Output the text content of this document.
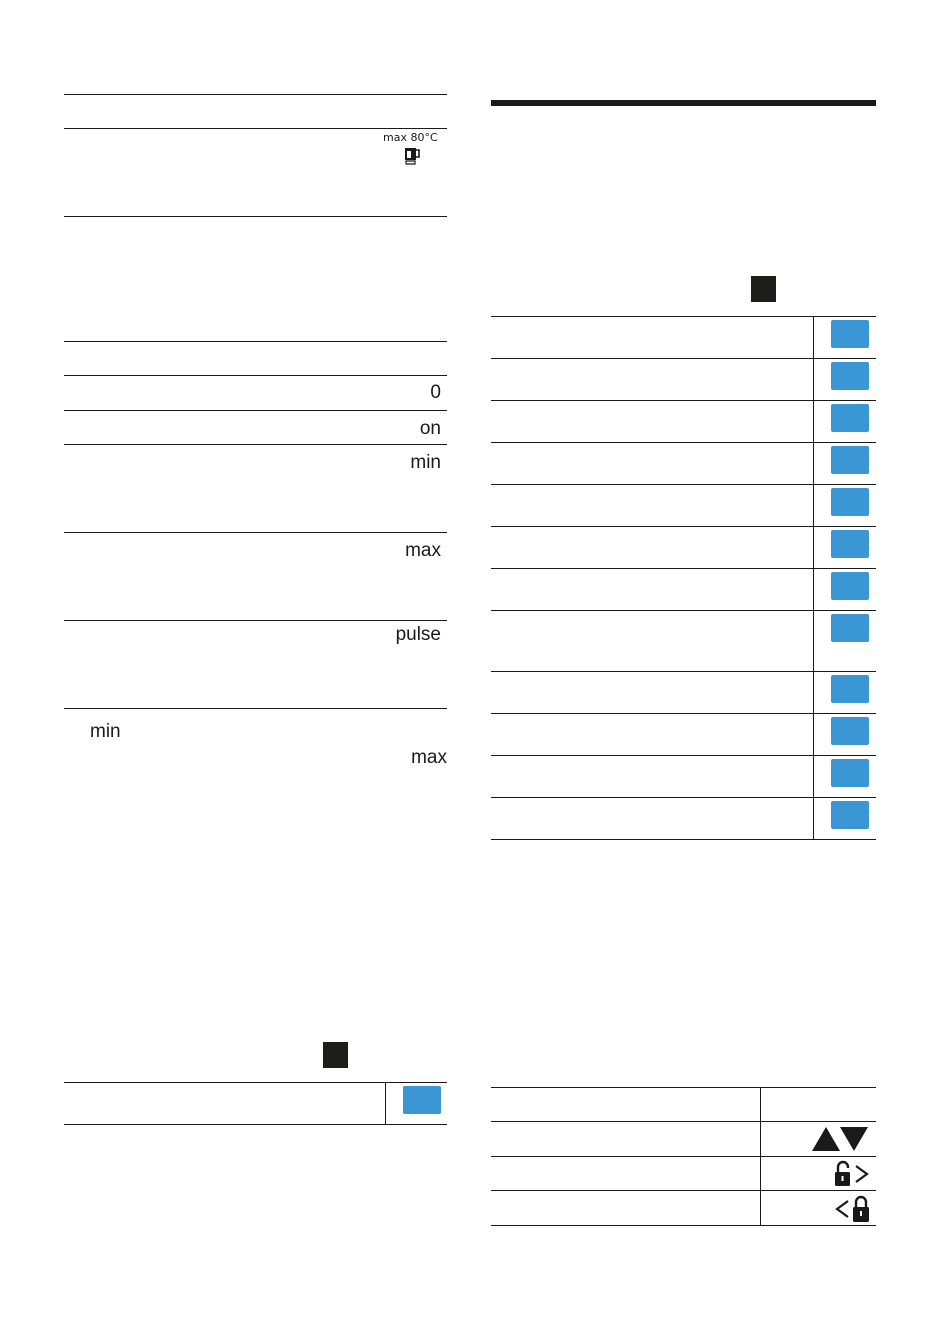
max 80°C
0
on
min
max
pulse
min
max
